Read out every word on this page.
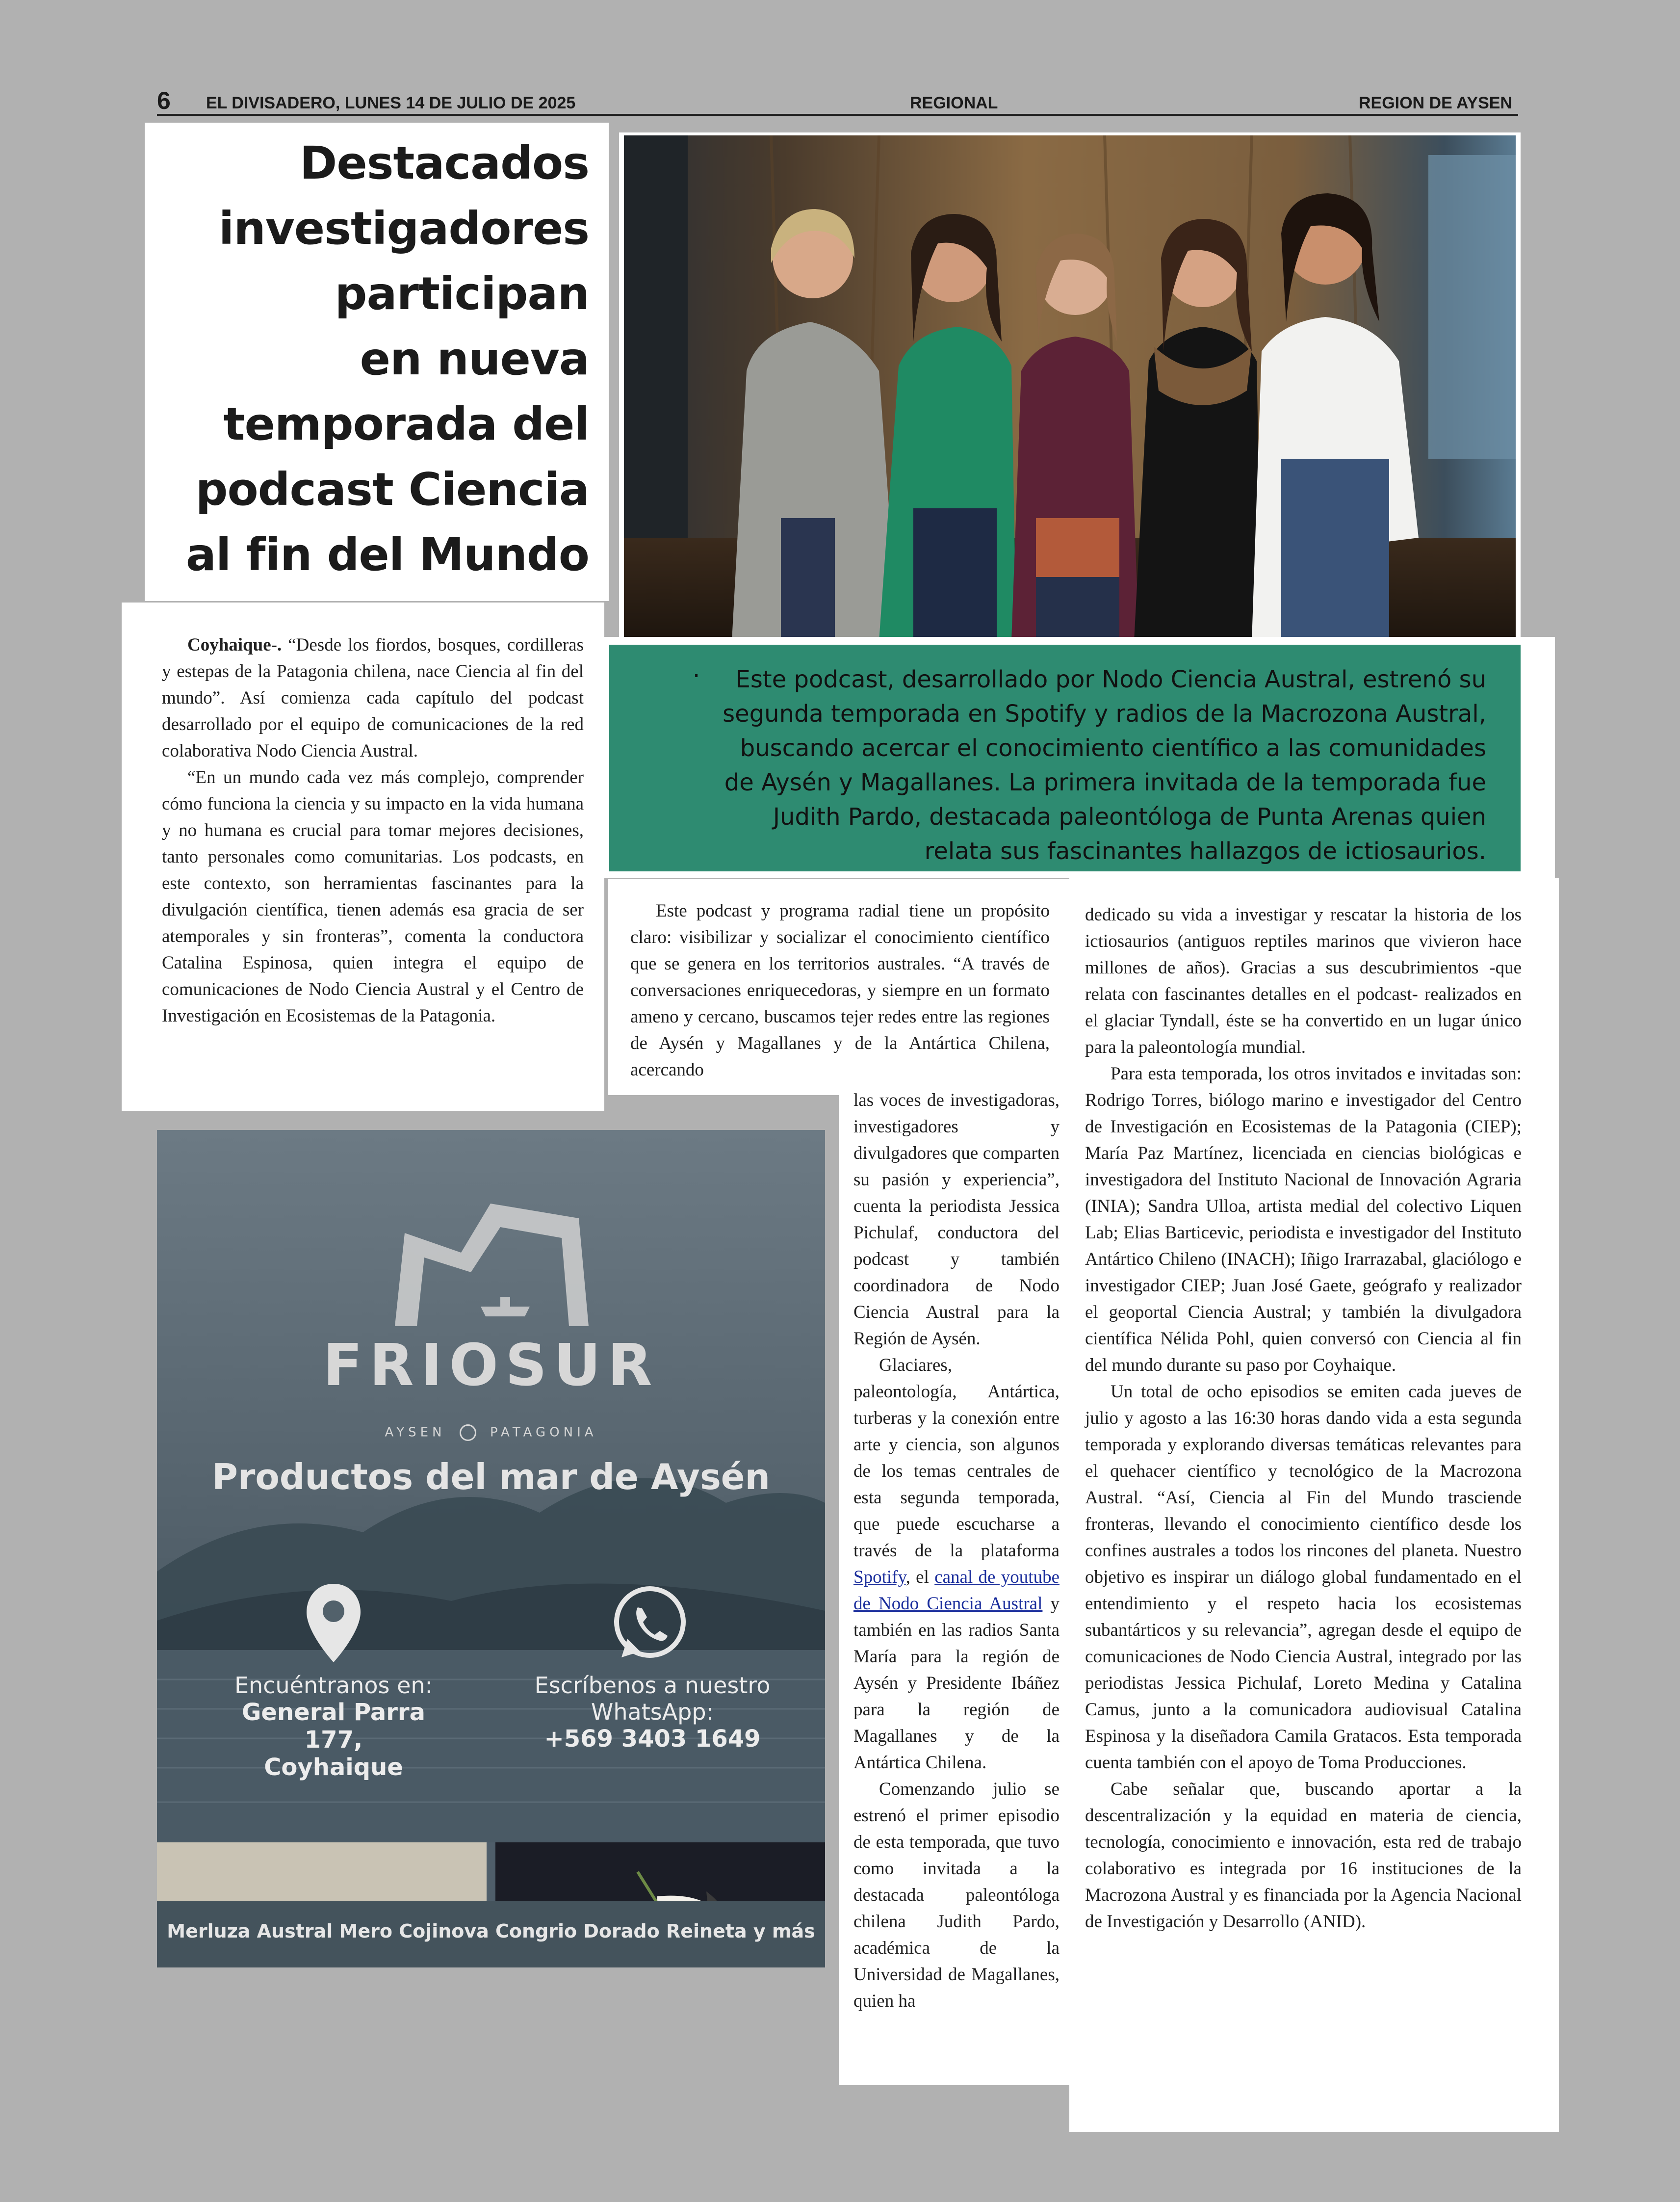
6 EL DIVISADERO, LUNES 14 DE JULIO DE 2025	REGIONAL	REGION DE AYSEN
Destacados
investigadores
participan
en nueva
temporada del
podcast Ciencia
al fin del Mundo

Coyhaique-. “Desde los fiordos, bosques, cordilleras y estepas de la Patagonia chilena, nace Ciencia al fin del mundo”. Así comienza cada capítulo del podcast desarrollado por el equipo de comunicaciones de la red colaborativa Nodo Ciencia Austral.

“En un mundo cada vez más complejo, comprender cómo funciona la ciencia y su impacto en la vida humana y no humana es crucial para tomar mejores decisiones, tanto personales como comunitarias. Los podcasts, en este contexto, son herramientas fascinantes para la divulgación científica, tienen además esa gracia de ser atemporales y sin fronteras”, comenta la conductora Catalina Espinosa, quien integra el equipo de comunicaciones de Nodo Ciencia Austral y el Centro de Investigación en Ecosistemas de la Patagonia.

·	Este podcast, desarrollado por Nodo Ciencia Austral, estrenó su
segunda temporada en Spotify y radios de la Macrozona Austral,
buscando acercar el conocimiento científico a las comunidades
de Aysén y Magallanes. La primera invitada de la temporada fue
Judith Pardo, destacada paleontóloga de Punta Arenas quien
relata sus fascinantes hallazgos de ictiosaurios.

Este podcast y programa radial tiene un propósito claro: visibilizar y socializar el conocimiento científico que se genera en los territorios australes. “A través de conversaciones enriquecedoras, y siempre en un formato ameno y cercano, buscamos tejer redes entre las regiones de Aysén y Magallanes y de la Antártica Chilena, acercando

las voces de investigadoras, investigadores y divulgadores que comparten su pasión y experiencia”, cuenta la periodista Jessica Pichulaf, conductora del podcast y también coordinadora de Nodo Ciencia Austral para la Región de Aysén.

Glaciares, paleontología, Antártica, turberas y la conexión entre arte y ciencia, son algunos de los temas centrales de esta segunda temporada, que puede escucharse a través de la plataforma Spotify, el canal de youtube de Nodo Ciencia Austral y también en las radios Santa María para la región de Aysén y Presidente Ibáñez para la región de Magallanes y de la Antártica Chilena.

Comenzando julio se estrenó el primer episodio de esta temporada, que tuvo como invitada a la destacada paleontóloga chilena Judith Pardo, académica de la Universidad de Magallanes, quien ha

dedicado su vida a investigar y rescatar la historia de los ictiosaurios (antiguos reptiles marinos que vivieron hace millones de años). Gracias a sus descubrimientos -que relata con fascinantes detalles en el podcast- realizados en el glaciar Tyndall, éste se ha convertido en un lugar único para la paleontología mundial.

Para esta temporada, los otros invitados e invitadas son: Rodrigo Torres, biólogo marino e investigador del Centro de Investigación en Ecosistemas de la Patagonia (CIEP); María Paz Martínez, licenciada en ciencias biológicas e investigadora del Instituto Nacional de Innovación Agraria (INIA); Sandra Ulloa, artista medial del colectivo Liquen Lab; Elias Barticevic, periodista e investigador del Instituto Antártico Chileno (INACH); Iñigo Irarrazabal, glaciólogo e investigador CIEP; Juan José Gaete, geógrafo y realizador el geoportal Ciencia Austral; y también la divulgadora científica Nélida Pohl, quien conversó con Ciencia al fin del mundo durante su paso por Coyhaique.

Un total de ocho episodios se emiten cada jueves de julio y agosto a las 16:30 horas dando vida a esta segunda temporada y explorando diversas temáticas relevantes para el quehacer científico y tecnológico de la Macrozona Austral. “Así, Ciencia al Fin del Mundo trasciende fronteras, llevando el conocimiento científico desde los confines australes a todos los rincones del planeta. Nuestro objetivo es inspirar un diálogo global fundamentado en el entendimiento y el respeto hacia los ecosistemas subantárticos y su relevancia”, agregan desde el equipo de comunicaciones de Nodo Ciencia Austral, integrado por las periodistas Jessica Pichulaf, Loreto Medina y Catalina Camus, junto a la comunicadora audiovisual Catalina Espinosa y la diseñadora Camila Gratacos. Esta temporada cuenta también con el apoyo de Toma Producciones.

Cabe señalar que, buscando aportar a la descentralización y la equidad en materia de ciencia, tecnología, conocimiento e innovación, esta red de trabajo colaborativo es integrada por 16 instituciones de la Macrozona Austral y es financiada por la Agencia Nacional de Investigación y Desarrollo (ANID).

FRIOSUR
AYSEN	PATAGONIA
Productos del mar de Aysén
Encuéntranos en:
General Parra 177,
Coyhaique
Escríbenos a nuestro
WhatsApp:
+569 3403 1649
Merluza Austral Mero Cojinova Congrio Dorado Reineta y más
